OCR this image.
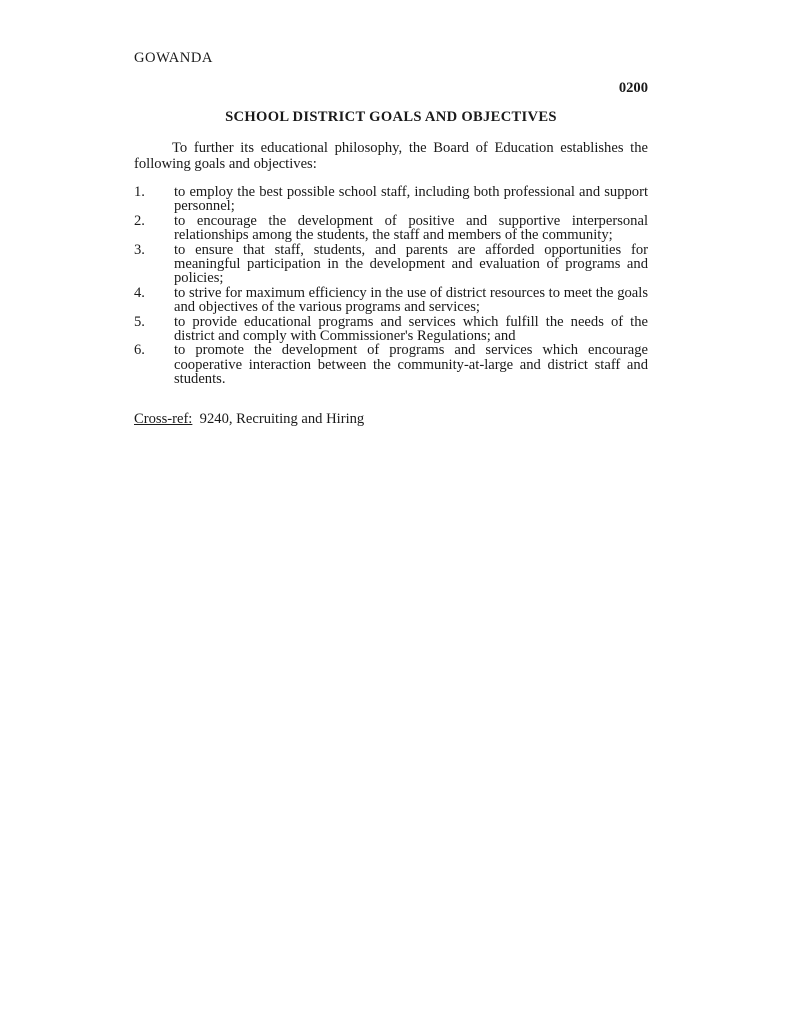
GOWANDA
0200
SCHOOL DISTRICT GOALS AND OBJECTIVES

To further its educational philosophy, the Board of Education establishes the following goals and objectives:

1.	to employ the best possible school staff, including both professional and support personnel;
2.	to encourage the development of positive and supportive interpersonal relationships among the students, the staff and members of the community;
3.	to ensure that staff, students, and parents are afforded opportunities for meaningful participation in the development and evaluation of programs and policies;
4.	to strive for maximum efficiency in the use of district resources to meet the goals and objectives of the various programs and services;
5.	to provide educational programs and services which fulfill the needs of the district and comply with Commissioner's Regulations; and
6.	to promote the development of programs and services which encourage cooperative interaction between the community-at-large and district staff and students.
Cross-ref: 9240, Recruiting and Hiring
